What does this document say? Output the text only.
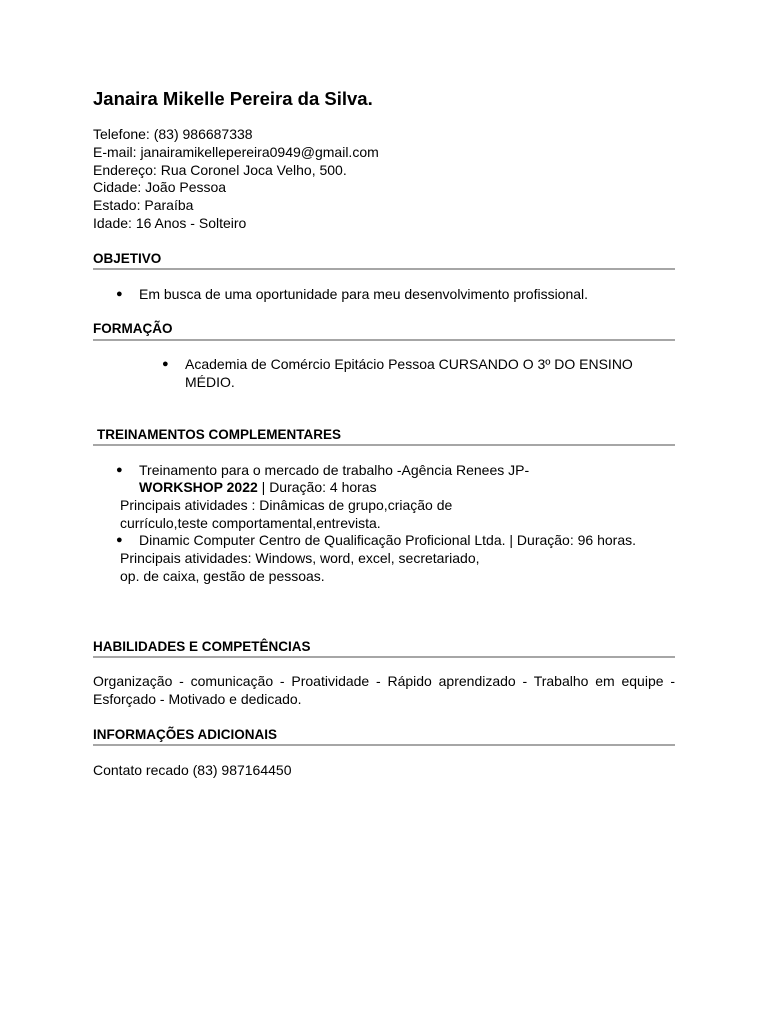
Janaira Mikelle Pereira da Silva.
Telefone: (83) 986687338
E-mail: janairamikellepereira0949@gmail.com
Endereço: Rua Coronel Joca Velho, 500.
Cidade: João Pessoa
Estado: Paraíba
Idade: 16 Anos - Solteiro
OBJETIVO
● Em busca de uma oportunidade para meu desenvolvimento profissional.
FORMAÇÃO
● Academia de Comércio Epitácio Pessoa CURSANDO O 3º DO ENSINO
MÉDIO.
TREINAMENTOS COMPLEMENTARES
● Treinamento para o mercado de trabalho -Agência Renees JP-
WORKSHOP 2022 | Duração: 4 horas
Principais atividades : Dinâmicas de grupo,criação de
currículo,teste comportamental,entrevista.
● Dinamic Computer Centro de Qualificação Proficional Ltda. | Duração: 96 horas.
Principais atividades: Windows, word, excel, secretariado,
op. de caixa, gestão de pessoas.
HABILIDADES E COMPETÊNCIAS
Organização - comunicação - Proatividade - Rápido aprendizado - Trabalho em equipe - Esforçado - Motivado e dedicado.
INFORMAÇÕES ADICIONAIS
Contato recado (83) 987164450
